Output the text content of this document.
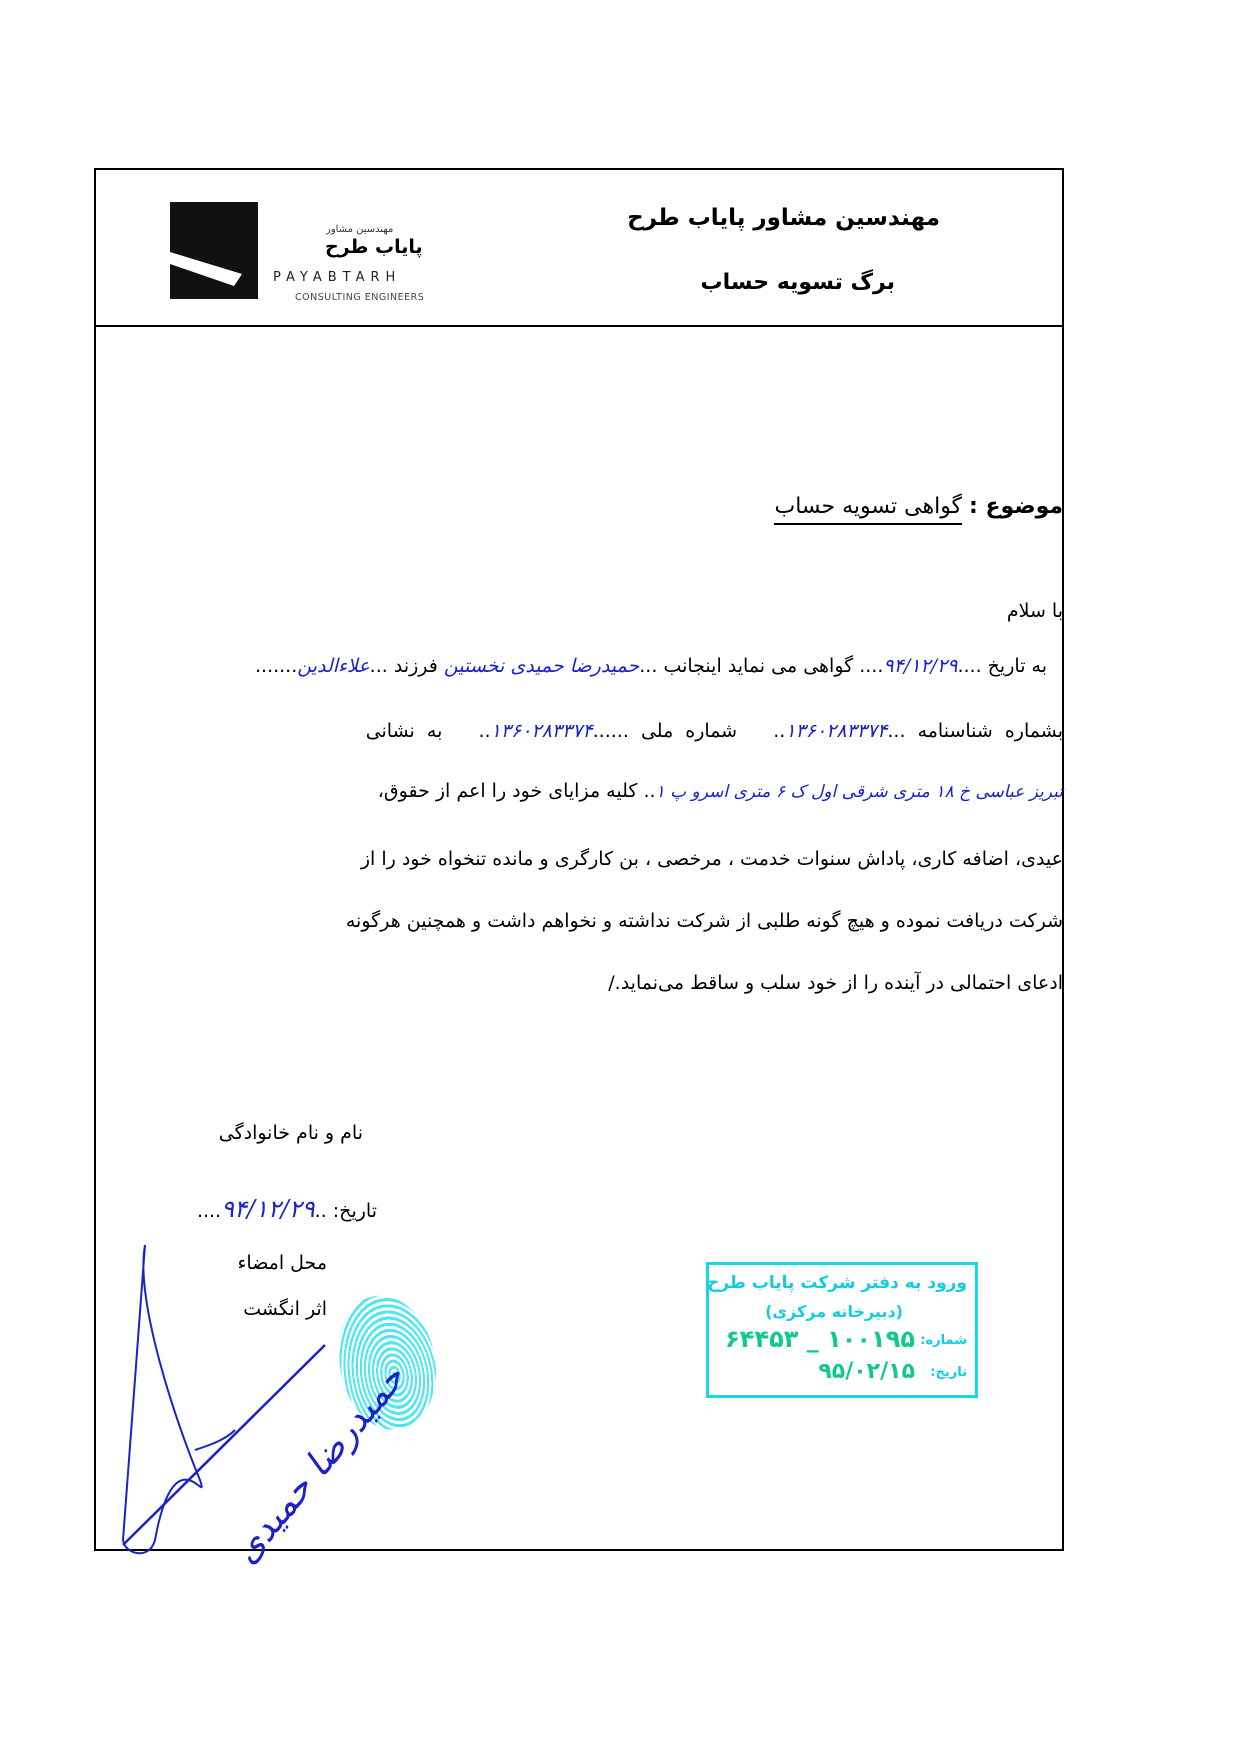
مهندسین مشاور پایاب طرح
برگ تسویه حساب
مهندسین مشاور
پایاب طرح
PAYABTARH
CONSULTING ENGINEERS
موضوع : گواهی تسویه حساب
با سلام
به تاریخ ....۹۴/۱۲/۲۹.... گواهی می نماید اینجانب ...حمیدرضا حمیدی نخستین فرزند ...علاءالدین.......
بشماره شناسنامه ...۱۳۶۰۲۸۳۳۷۴..   شماره ملی ......۱۳۶۰۲۸۳۳۷۴..   به نشانی
تبریز عباسی خ ۱۸ متری شرقی اول ک ۶ متری اسرو پ ۱.. کلیه مزایای خود را اعم از حقوق،
عیدی، اضافه کاری، پاداش سنوات خدمت ، مرخصی ، بن کارگری و مانده تنخواه خود را از
شرکت دریافت نموده و هیچ گونه طلبی از شرکت نداشته و نخواهم داشت و همچنین هرگونه
ادعای احتمالی در آینده را از خود سلب و ساقط می‌نماید./
نام و نام خانوادگی
تاریخ: ..۹۴/۱۲/۲۹....
محل امضاء
اثر انگشت
حمیدرضا حمیدی
ورود به دفتر شرکت پایاب طرح
(دبیرخانه مرکزی)
شماره:
۱۰۰۱۹۵ _ ۶۴۴۵۳
تاریخ:
۹۵/۰۲/۱۵
